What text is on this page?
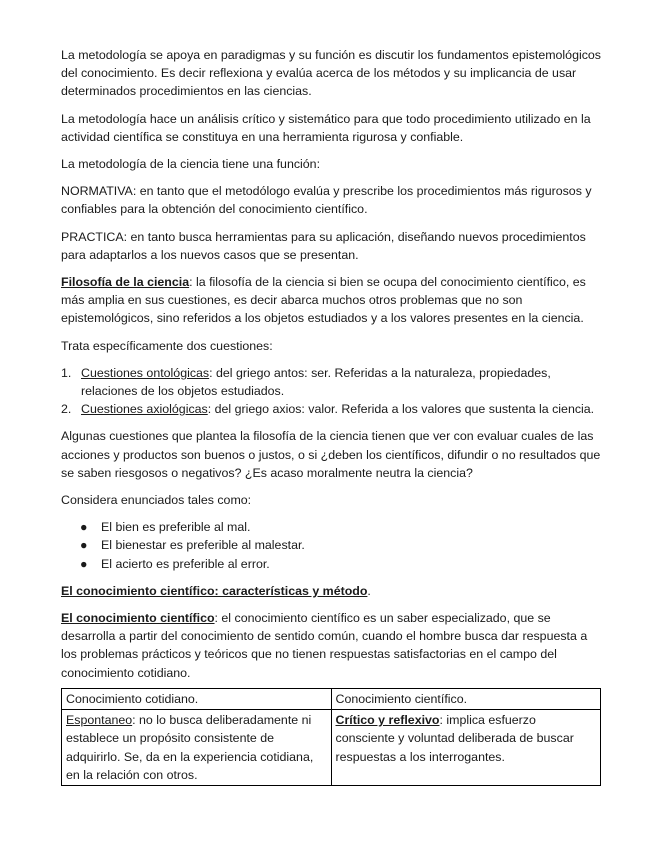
La metodología se apoya en paradigmas y su función es discutir los fundamentos epistemológicos del conocimiento. Es decir reflexiona y evalúa acerca de los métodos y su implicancia de usar determinados procedimientos en las ciencias.

La metodología hace un análisis crítico y sistemático para que todo procedimiento utilizado en la actividad científica se constituya en una herramienta rigurosa y confiable.

La metodología de la ciencia tiene una función:

NORMATIVA: en tanto que el metodólogo evalúa y prescribe los procedimientos más rigurosos y confiables para la obtención del conocimiento científico.

PRACTICA: en tanto busca herramientas para su aplicación, diseñando nuevos procedimientos para adaptarlos a los nuevos casos que se presentan.

Filosofía de la ciencia: la filosofía de la ciencia si bien se ocupa del conocimiento científico, es más amplia en sus cuestiones, es decir abarca muchos otros problemas que no son epistemológicos, sino referidos a los objetos estudiados y a los valores presentes en la ciencia.

Trata específicamente dos cuestiones:

1. Cuestiones ontológicas: del griego antos: ser. Referidas a la naturaleza, propiedades, relaciones de los objetos estudiados.
2. Cuestiones axiológicas: del griego axios: valor. Referida a los valores que sustenta la ciencia.

Algunas cuestiones que plantea la filosofía de la ciencia tienen que ver con evaluar cuales de las acciones y productos son buenos o justos, o si ¿deben los científicos, difundir o no resultados que se saben riesgosos o negativos? ¿Es acaso moralmente neutra la ciencia?

Considera enunciados tales como:

● El bien es preferible al mal.
● El bienestar es preferible al malestar.
● El acierto es preferible al error.

El conocimiento científico: características y método.

El conocimiento científico: el conocimiento científico es un saber especializado, que se desarrolla a partir del conocimiento de sentido común, cuando el hombre busca dar respuesta a los problemas prácticos y teóricos que no tienen respuestas satisfactorias en el campo del conocimiento cotidiano.

Conocimiento cotidiano.	Conocimiento científico.
Espontaneo: no lo busca deliberadamente ni establece un propósito consistente de adquirirlo. Se, da en la experiencia cotidiana, en la relación con otros.	Crítico y reflexivo: implica esfuerzo consciente y voluntad deliberada de buscar respuestas a los interrogantes.
